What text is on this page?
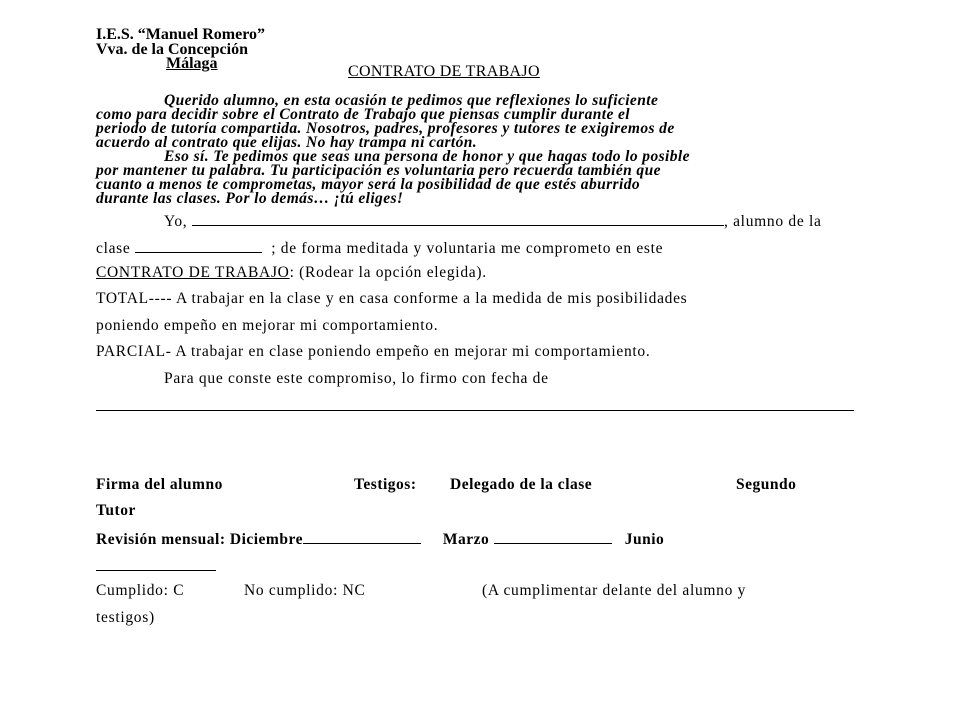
I.E.S. “Manuel Romero”
Vva. de la Concepción
Málaga	CONTRATO DE TRABAJO
Querido alumno, en esta ocasión te pedimos que reflexiones lo suficiente
como para decidir sobre el Contrato de Trabajo que piensas cumplir durante el
periodo de tutoría compartida. Nosotros, padres, profesores y tutores te exigiremos de
acuerdo al contrato que elijas. No hay trampa ni cartón.
Eso sí. Te pedimos que seas una persona de honor y que hagas todo lo posible
por mantener tu palabra. Tu participación es voluntaria pero recuerda también que
cuanto a menos te comprometas, mayor será la posibilidad de que estés aburrido
durante las clases. Por lo demás… ¡tú eliges!
Yo,	, alumno de la
clase	; de forma meditada y voluntaria me comprometo en este
CONTRATO DE TRABAJO: (Rodear la opción elegida).
TOTAL---- A trabajar en la clase y en casa conforme a la medida de mis posibilidades
poniendo empeño en mejorar mi comportamiento.
PARCIAL- A trabajar en clase poniendo empeño en mejorar mi comportamiento.
Para que conste este compromiso, lo firmo con fecha de
Firma del alumno	Testigos: Delegado de la clase	Segundo
Tutor
Revisión mensual: Diciembre	Marzo	Junio
Cumplido: C	No cumplido: NC	(A cumplimentar delante del alumno y
testigos)
